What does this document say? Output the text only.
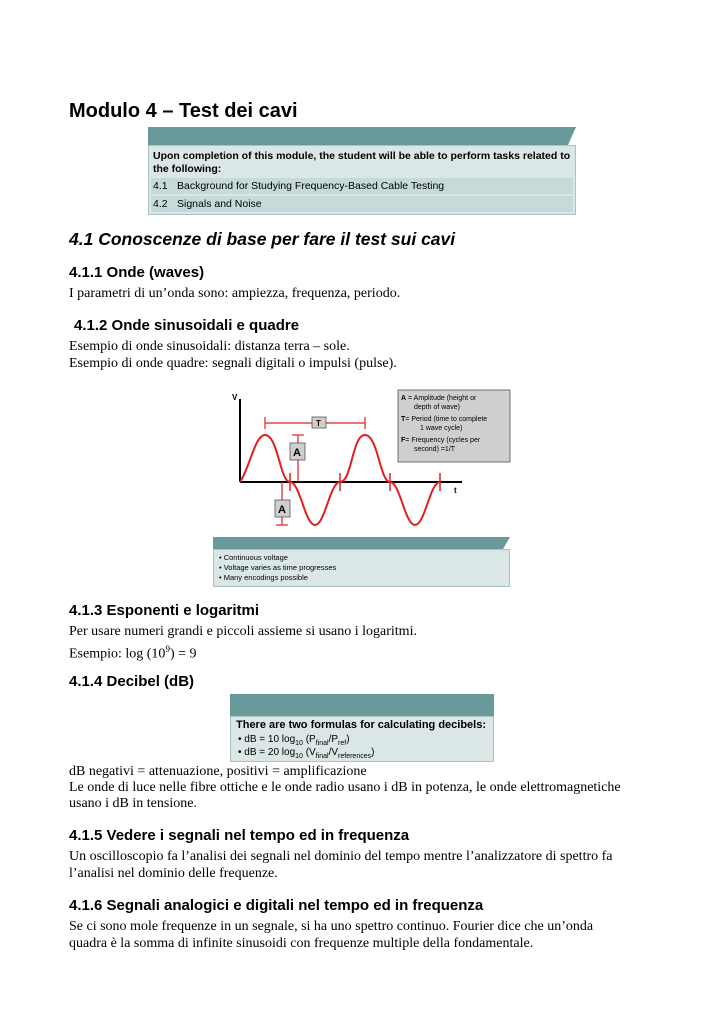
Modulo 4 – Test dei cavi
Upon completion of this module, the student will be able to perform tasks related to the following:
4.1 Background for Studying Frequency-Based Cable Testing
4.2 Signals and Noise
4.1 Conoscenze di base per fare il test sui cavi
4.1.1 Onde (waves)
I parametri di un’onda sono: ampiezza, frequenza, periodo.
4.1.2 Onde sinusoidali e quadre
Esempio di onde sinusoidali: distanza terra – sole.
Esempio di onde quadre: segnali digitali o impulsi (pulse).
V
t
T
A
A
A = Amplitude (height or
depth of wave)
T= Period (time to complete
1 wave cycle)
F= Frequency (cycles per
second) =1/T
• Continuous voltage
• Voltage varies as time progresses
• Many encodings possible
4.1.3 Esponenti e logaritmi
Per usare numeri grandi e piccoli assieme si usano i logaritmi.
Esempio: $\log (10^9) = 9$
4.1.4 Decibel (dB)
There are two formulas for calculating decibels:
• dB = 10 $\log_{10} (P_{final}/P_{ref})$
• dB = 20 $\log_{10} (V_{final}/V_{references})$
dB negativi = attenuazione, positivi = amplificazione
Le onde di luce nelle fibre ottiche e le onde radio usano i dB in potenza, le onde elettromagnetiche
usano i dB in tensione.
4.1.5 Vedere i segnali nel tempo ed in frequenza
Un oscilloscopio fa l’analisi dei segnali nel dominio del tempo mentre l’analizzatore di spettro fa
l’analisi nel dominio delle frequenze.
4.1.6 Segnali analogici e digitali nel tempo ed in frequenza
Se ci sono mole frequenze in un segnale, si ha uno spettro continuo. Fourier dice che un’onda
quadra è la somma di infinite sinusoidi con frequenze multiple della fondamentale.
